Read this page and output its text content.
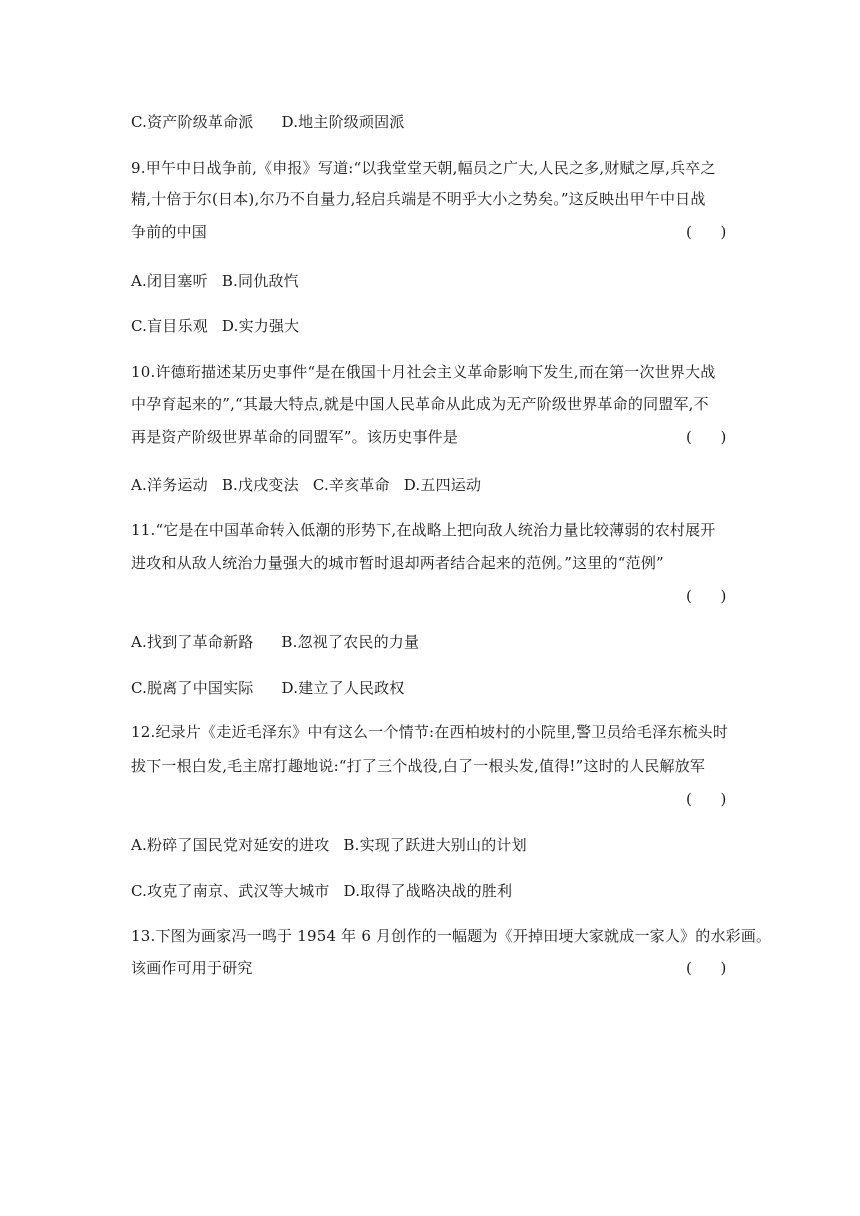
C.资产阶级革命派 D.地主阶级顽固派
9.甲午中日战争前,《申报》写道:“以我堂堂天朝,幅员之广大,人民之多,财赋之厚,兵卒之
精,十倍于尔(日本),尔乃不自量力,轻启兵端是不明乎大小之势矣。”这反映出甲午中日战
争前的中国	(      )
A.闭目塞听 B.同仇敌忾
C.盲目乐观 D.实力强大
10.许德珩描述某历史事件“是在俄国十月社会主义革命影响下发生,而在第一次世界大战
中孕育起来的”,“其最大特点,就是中国人民革命从此成为无产阶级世界革命的同盟军,不
再是资产阶级世界革命的同盟军”。该历史事件是	(      )
A.洋务运动 B.戊戌变法 C.辛亥革命 D.五四运动
11.“它是在中国革命转入低潮的形势下,在战略上把向敌人统治力量比较薄弱的农村展开
进攻和从敌人统治力量强大的城市暂时退却两者结合起来的范例。”这里的“范例”
(      )
A.找到了革命新路 B.忽视了农民的力量
C.脱离了中国实际 D.建立了人民政权
12.纪录片《走近毛泽东》中有这么一个情节:在西柏坡村的小院里,警卫员给毛泽东梳头时
拔下一根白发,毛主席打趣地说:“打了三个战役,白了一根头发,值得!”这时的人民解放军
(      )
A.粉碎了国民党对延安的进攻 B.实现了跃进大别山的计划
C.攻克了南京、武汉等大城市 D.取得了战略决战的胜利
13.下图为画家冯一鸣于 1954 年 6 月创作的一幅题为《开掉田埂大家就成一家人》的水彩画。
该画作可用于研究	(      )
